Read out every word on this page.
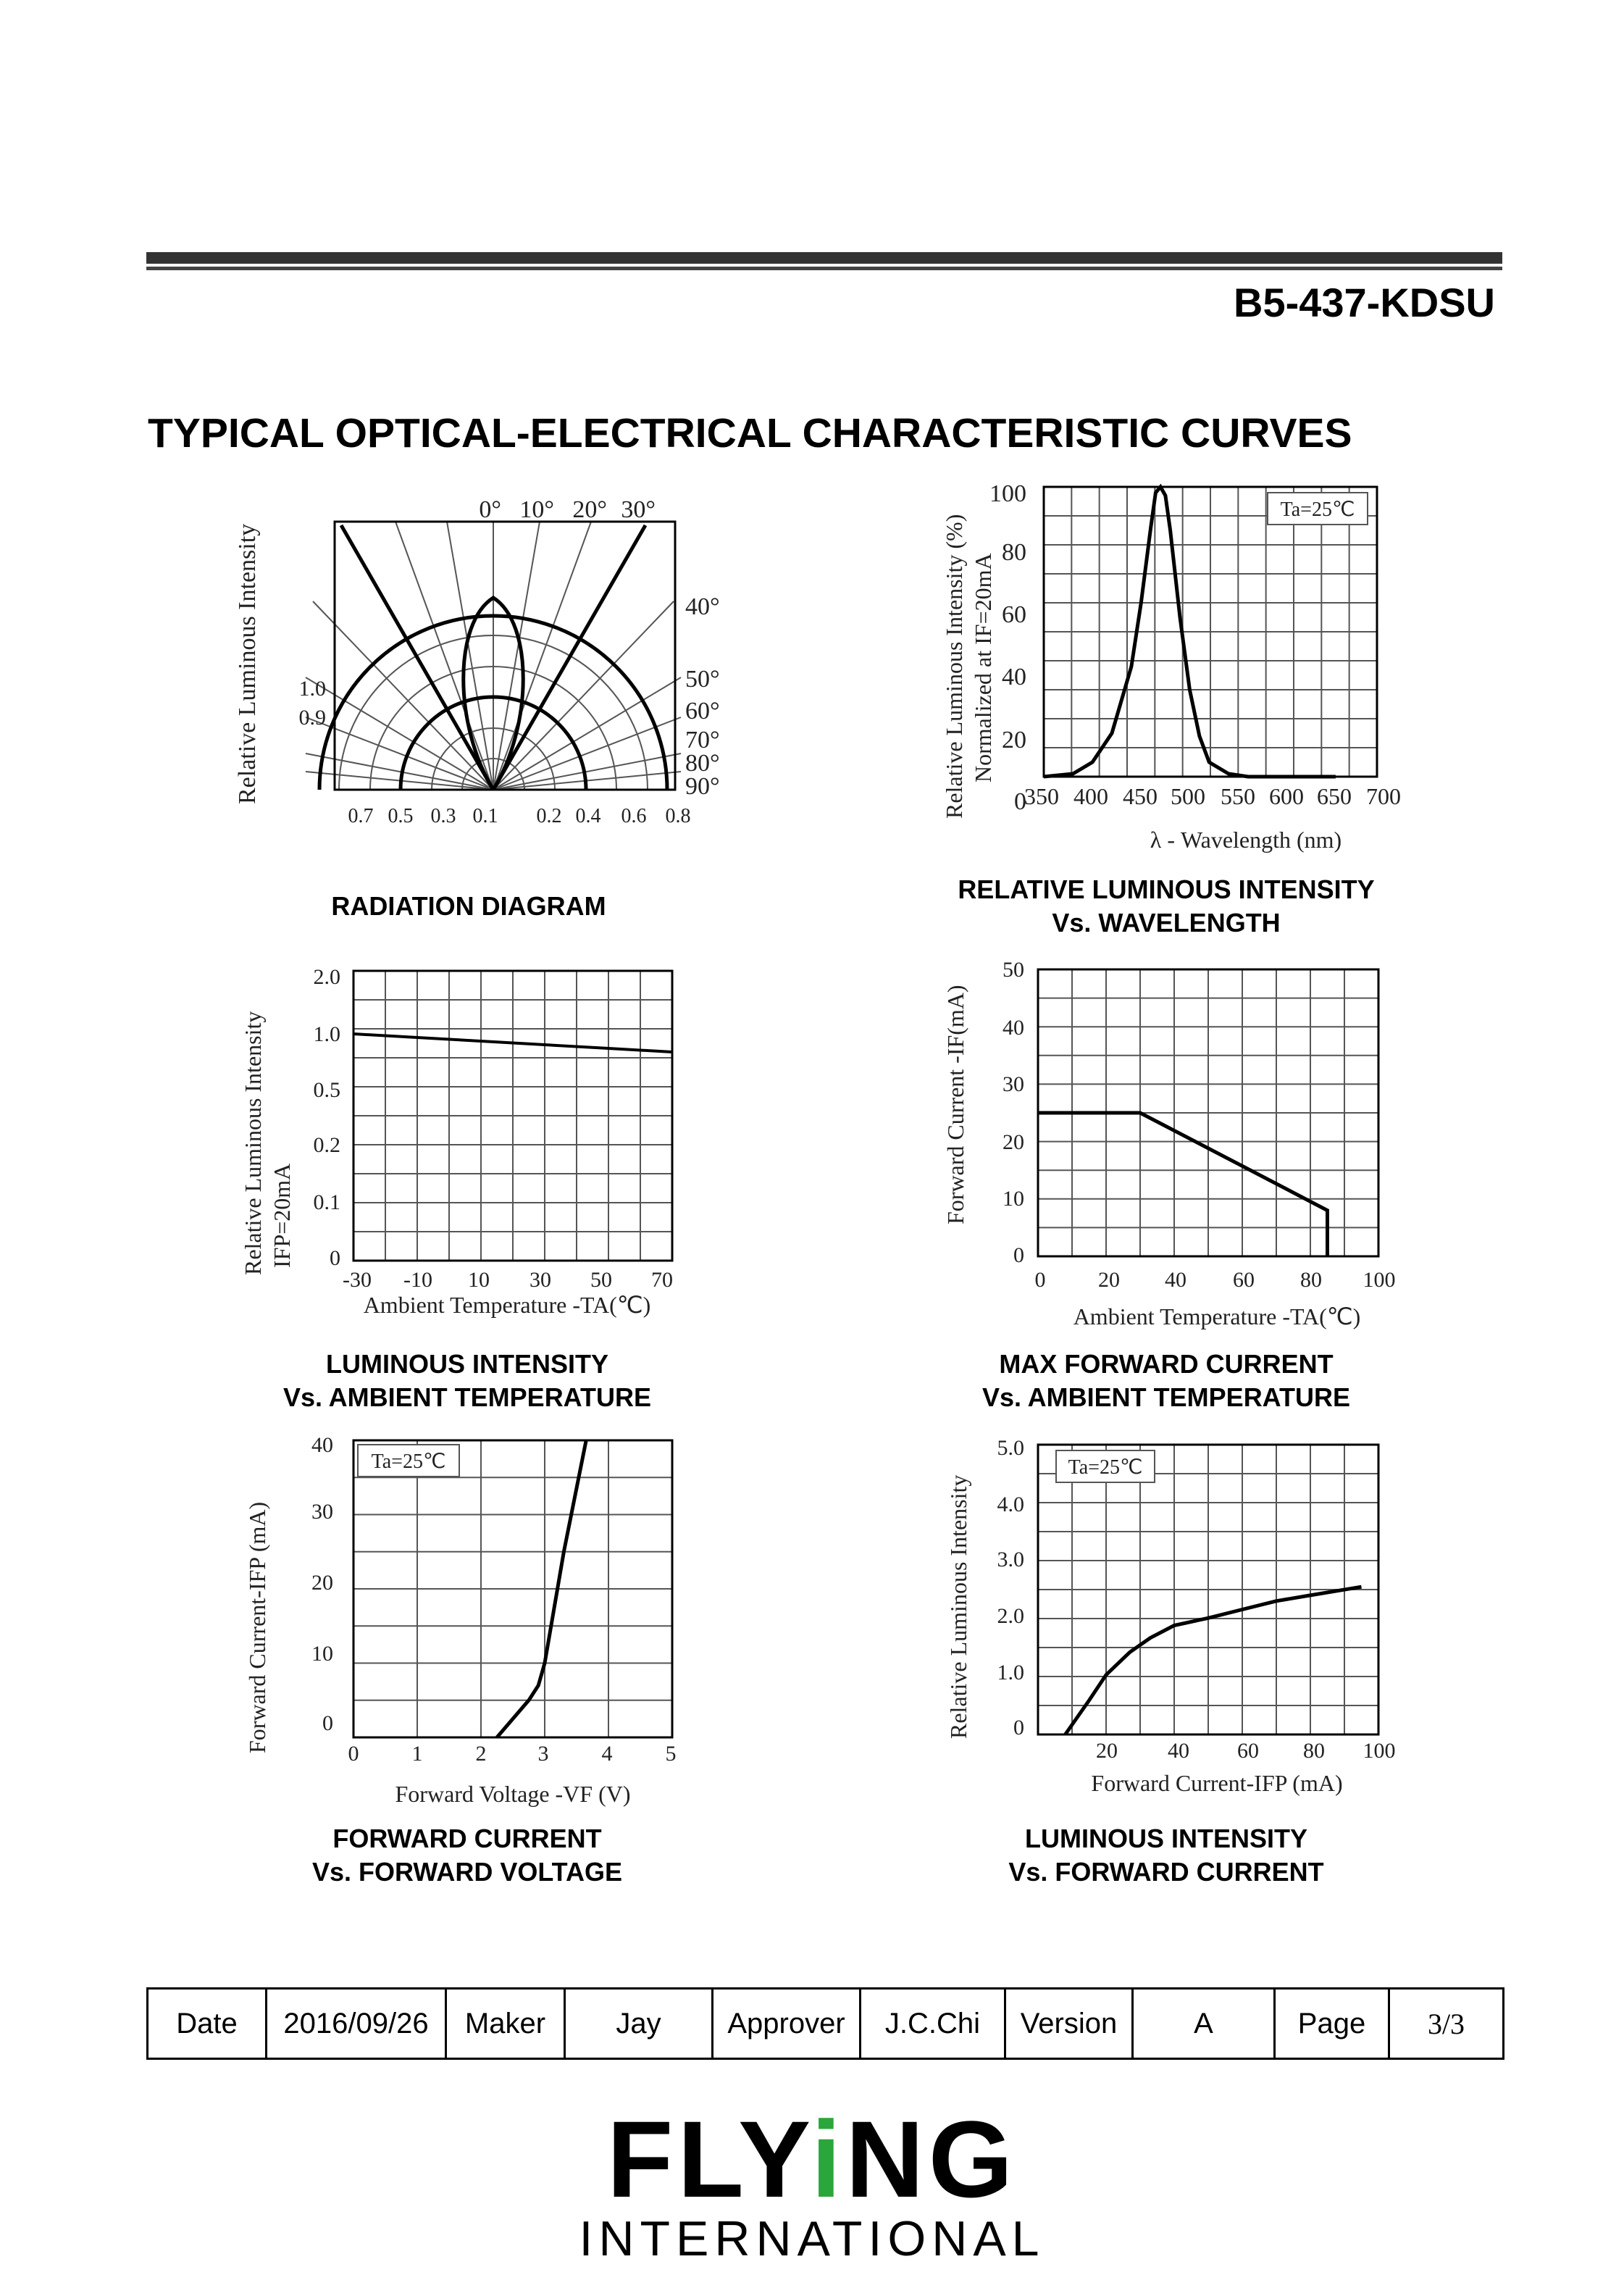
B5-437-KDSU
TYPICAL OPTICAL-ELECTRICAL CHARACTERISTIC CURVES
Relative Luminous Intensity
0° 10° 20° 30°
40°
50°
60°
70°
80°
90°
1.0
0.9
0.7 0.5 0.3 0.1 0.2 0.4 0.6 0.8
RADIATION DIAGRAM
Ta=25℃
Relative Luminous Intensity (%) Normalized at IF=20mA
100
80
60
40
20
0
350 400 450 500 550 600 650 700
λ - Wavelength (nm)
RELATIVE LUMINOUS INTENSITY
Vs. WAVELENGTH
Relative Luminous Intensity IFP=20mA
2.0
1.0
0.5
0.2
0.1
0
-30 -10 10 30 50 70
Ambient Temperature -TA(℃)
LUMINOUS INTENSITY
Vs. AMBIENT TEMPERATURE
Forward Current -IF(mA)
50
40
30
20
10
0
0 20 40 60 80 100
Ambient Temperature -TA(℃)
MAX FORWARD CURRENT
Vs. AMBIENT TEMPERATURE
Ta=25℃
Forward Current-IFP (mA)
40
30
20
10
0
0 1 2 3 4 5
Forward Voltage -VF (V)
FORWARD CURRENT
Vs. FORWARD VOLTAGE
Ta=25℃
Relative Luminous Intensity
5.0
4.0
3.0
2.0
1.0
0
20 40 60 80 100
Forward Current-IFP (mA)
LUMINOUS INTENSITY
Vs. FORWARD CURRENT
Date	2016/09/26	Maker	Jay	Approver	J.C.Chi	Version	A	Page	3/3
FLYiNG
INTERNATIONAL
